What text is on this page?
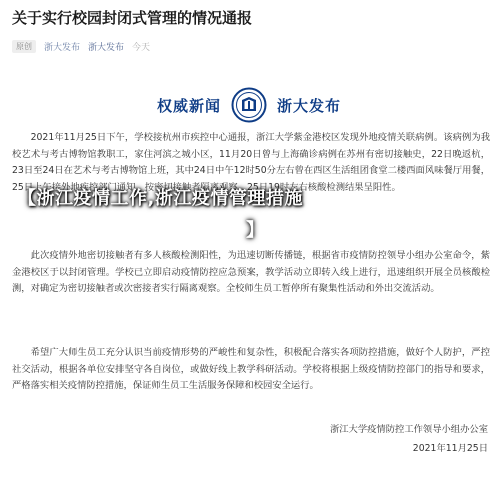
关于实行校园封闭式管理的情况通报
原创	浙大发布 浙大发布 今天
权威新闻	浙大发布
2021年11月25日下午，学校接杭州市疾控中心通报，浙江大学紫金港校区发现外地疫情关联病例。该病例为我校艺术与考古博物馆教职工，家住河滨之城小区，11月20日曾与上海确诊病例在苏州有密切接触史，22日晚返杭，23日至24日在艺术与考古博物馆上班，其中24日中午12时50分左右曾在西区生活组团食堂二楼西面风味餐厅用餐，25日上午接外地疾控部门通知，按密切接触者隔离观察，25日19时左右核酸检测结果呈阳性。
此次疫情外地密切接触者有多人核酸检测阳性，为迅速切断传播链，根据省市疫情防控领导小组办公室命令，紫金港校区于以封闭管理。学校已立即启动疫情防控应急预案，教学活动立即转入线上进行，迅速组织开展全员核酸检测，对确定为密切接触者或次密接者实行隔离观察。全校师生员工暂停所有聚集性活动和外出交流活动。
希望广大师生员工充分认识当前疫情形势的严峻性和复杂性，积极配合落实各项防控措施，做好个人防护，严控社交活动，根据各单位安排坚守各自岗位，或做好线上教学科研活动。学校将根据上级疫情防控部门的指导和要求，严格落实相关疫情防控措施，保证师生员工生活服务保障和校园安全运行。
浙江大学疫情防控工作领导小组办公室
2021年11月25日
【浙江疫情工作,浙江疫情管理措施
】
